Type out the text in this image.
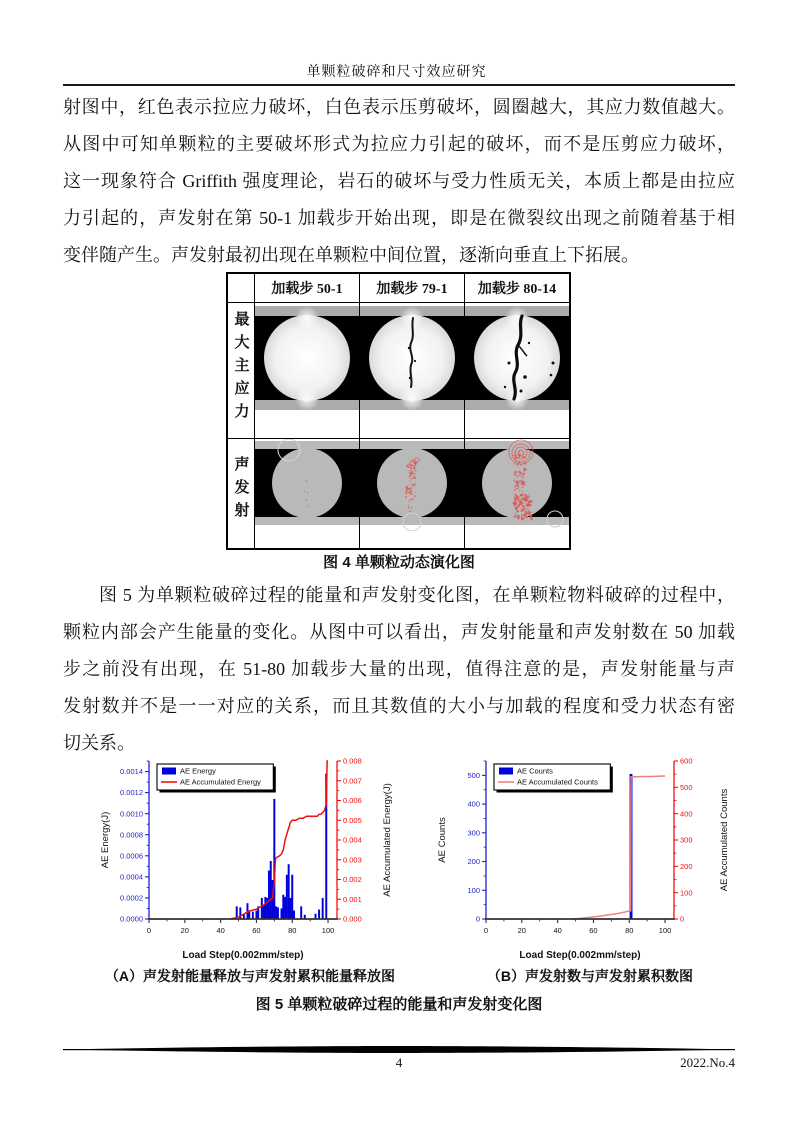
单颗粒破碎和尺寸效应研究
射图中，红色表示拉应力破坏，白色表示压剪破坏，圆圈越大，其应力数值越大。
从图中可知单颗粒的主要破坏形式为拉应力引起的破坏，而不是压剪应力破坏，
这一现象符合 Griffith 强度理论，岩石的破坏与受力性质无关，本质上都是由拉应
力引起的，声发射在第 50-1 加载步开始出现，即是在微裂纹出现之前随着基于相
变伴随产生。声发射最初出现在单颗粒中间位置，逐渐向垂直上下拓展。
	加载步 50-1	加载步 79-1	加载步 80-14
最大主应力	

声发射	

图 4 单颗粒动态演化图
图 5 为单颗粒破碎过程的能量和声发射变化图，在单颗粒物料破碎的过程中，
颗粒内部会产生能量的变化。从图中可以看出，声发射能量和声发射数在 50 加载
步之前没有出现，在 51-80 加载步大量的出现，值得注意的是，声发射能量与声
发射数并不是一一对应的关系，而且其数值的大小与加载的程度和受力状态有密
切关系。
0.0000
0.0002
0.0004
0.0006
0.0008
0.0010
0.0012
0.0014
0.000
0.001
0.002
0.003
0.004
0.005
0.006
0.007
0.008
0	20	40	60	80	100
AE Energy(J)	AE Accumulated Energy(J)
Load Step(0.002mm/step)
AE Energy
AE Accumulated Energy
0
100
200
300
400
500
0
100
200
300
400
500
600
0	20	40	60	80	100
AE Counts	AE Accumulated Counts
Load Step(0.002mm/step)
AE Counts
AE Accumulated Counts
（A）声发射能量释放与声发射累积能量释放图	（B）声发射数与声发射累积数图
图 5 单颗粒破碎过程的能量和声发射变化图
4	2022.No.4
